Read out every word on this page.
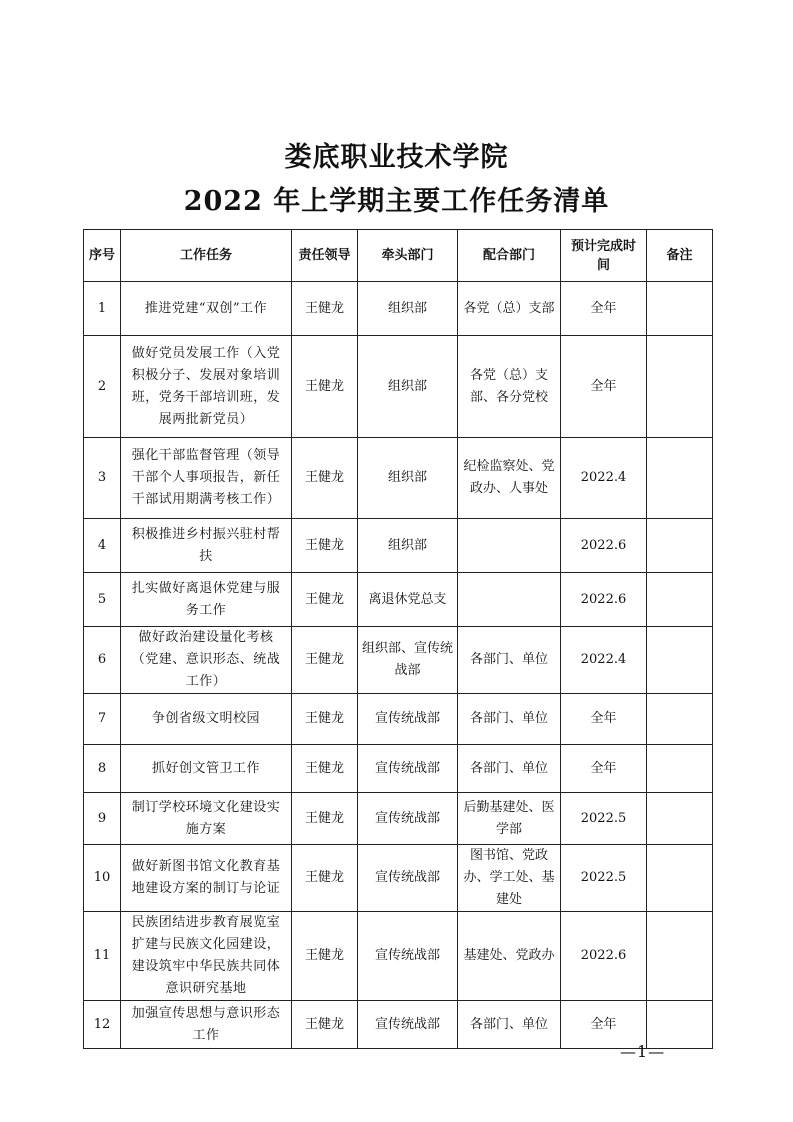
娄底职业技术学院
2022 年上学期主要工作任务清单
序号	工作任务	责任领导	牵头部门	配合部门	预计完成时间	备注
1	推进党建“双创”工作	王健龙	组织部	各党（总）支部	全年	
2	做好党员发展工作（入党积极分子、发展对象培训班，党务干部培训班，发展两批新党员）	王健龙	组织部	各党（总）支部、各分党校	全年	
3	强化干部监督管理（领导干部个人事项报告，新任干部试用期满考核工作）	王健龙	组织部	纪检监察处、党政办、人事处	2022.4	
4	积极推进乡村振兴驻村帮扶	王健龙	组织部		2022.6	
5	扎实做好离退休党建与服务工作	王健龙	离退休党总支		2022.6	
6	做好政治建设量化考核（党建、意识形态、统战工作）	王健龙	组织部、宣传统战部	各部门、单位	2022.4	
7	争创省级文明校园	王健龙	宣传统战部	各部门、单位	全年	
8	抓好创文管卫工作	王健龙	宣传统战部	各部门、单位	全年	
9	制订学校环境文化建设实施方案	王健龙	宣传统战部	后勤基建处、医学部	2022.5	
10	做好新图书馆文化教育基地建设方案的制订与论证	王健龙	宣传统战部	图书馆、党政办、学工处、基建处	2022.5	
11	民族团结进步教育展览室扩建与民族文化园建设，建设筑牢中华民族共同体意识研究基地	王健龙	宣传统战部	基建处、党政办	2022.6	
12	加强宣传思想与意识形态工作	王健龙	宣传统战部	各部门、单位	全年	
—1—
